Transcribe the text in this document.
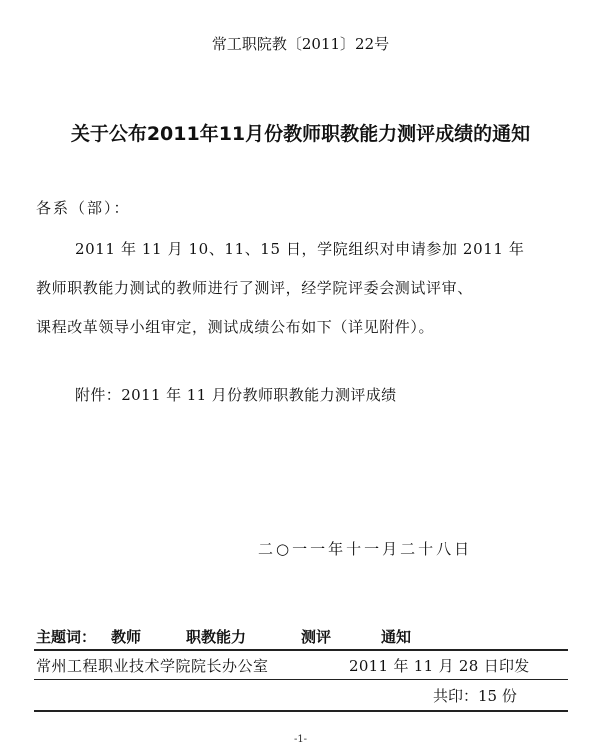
常工职院教〔2011〕22号
关于公布2011年11月份教师职教能力测评成绩的通知
各系（部）：
2011 年 11 月 10、11、15 日，学院组织对申请参加 2011 年
教师职教能力测试的教师进行了测评，经学院评委会测试评审、
课程改革领导小组审定，测试成绩公布如下（详见附件）。
附件：2011 年 11 月份教师职教能力测评成绩
二○一一年十一月二十八日
主题词： 教师	职教能力	测评	通知
常州工程职业技术学院院长办公室	2011 年 11 月 28 日印发
共印：15 份
-1-
